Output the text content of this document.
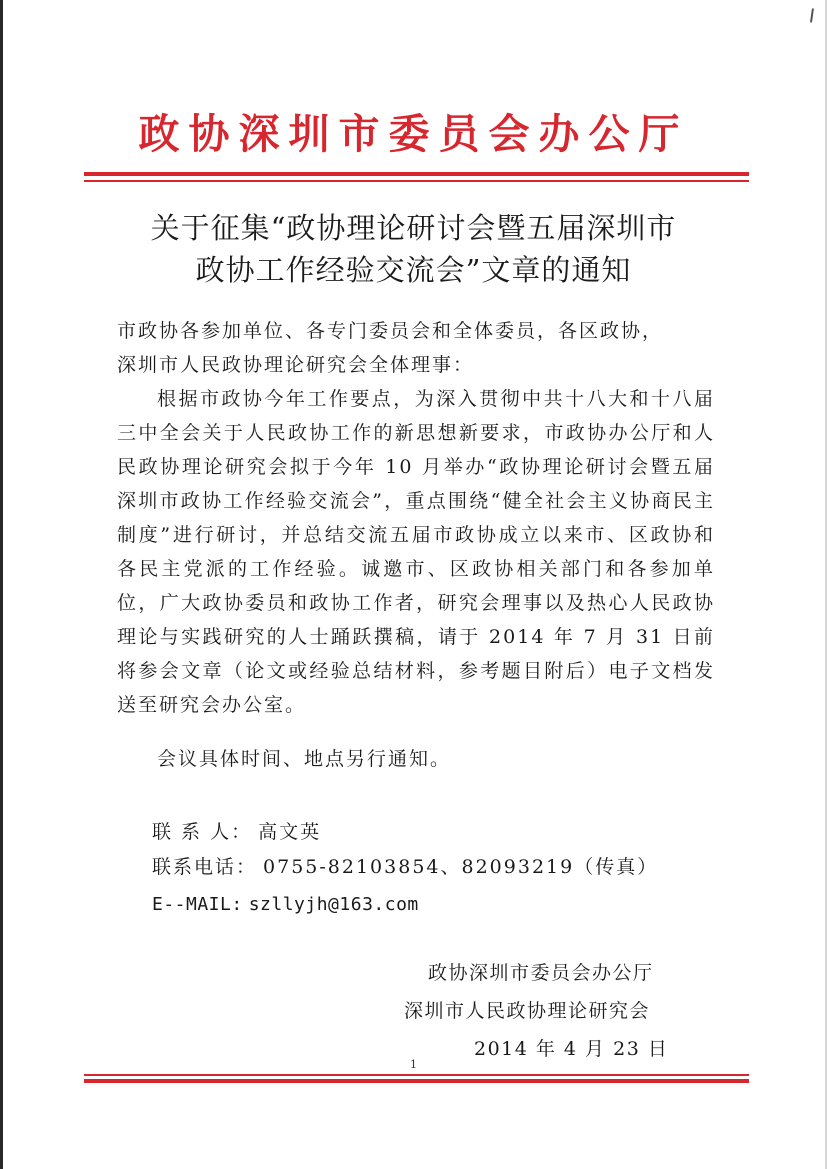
政协深圳市委员会办公厅
关于征集“政协理论研讨会暨五届深圳市
政协工作经验交流会”文章的通知
市政协各参加单位、各专门委员会和全体委员，各区政协，
深圳市人民政协理论研究会全体理事：
根据市政协今年工作要点，为深入贯彻中共十八大和十八届三中全会关于人民政协工作的新思想新要求，市政协办公厅和人民政协理论研究会拟于今年 10 月举办“政协理论研讨会暨五届深圳市政协工作经验交流会”，重点围绕“健全社会主义协商民主制度”进行研讨，并总结交流五届市政协成立以来市、区政协和各民主党派的工作经验。诚邀市、区政协相关部门和各参加单位，广大政协委员和政协工作者，研究会理事以及热心人民政协理论与实践研究的人士踊跃撰稿，请于 2014 年 7 月 31 日前将参会文章（论文或经验总结材料，参考题目附后）电子文档发送至研究会办公室。
会议具体时间、地点另行通知。
联 系 人： 高文英
联系电话： 0755-82103854、82093219（传真）
E--MAIL: szllyjh@163.com
政协深圳市委员会办公厅
深圳市人民政协理论研究会
2014 年 4 月 23 日
1
